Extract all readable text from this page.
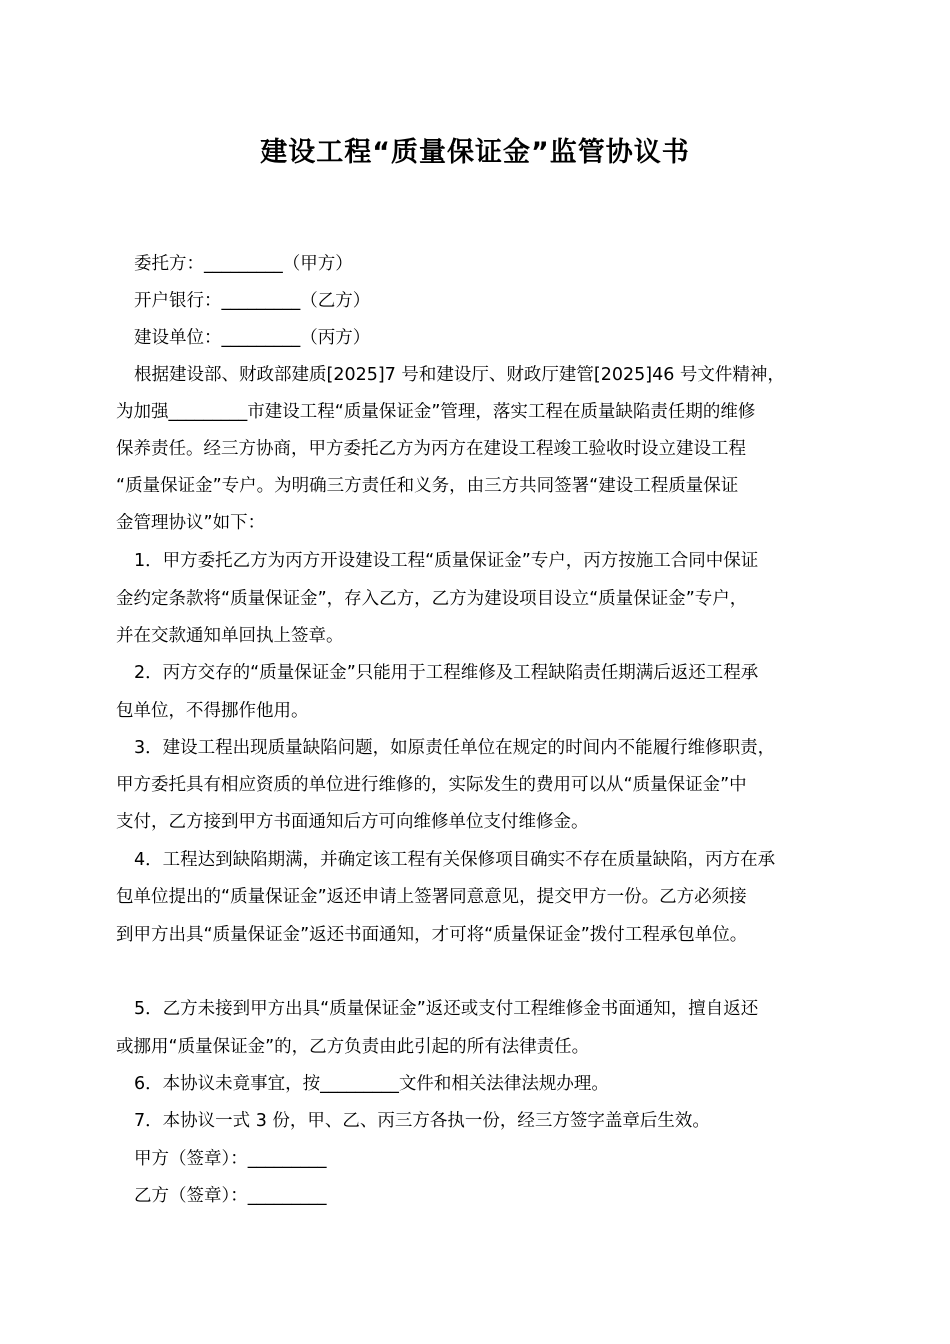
建设工程“质量保证金”监管协议书
委托方：_________（甲方）
开户银行：_________（乙方）
建设单位：_________（丙方）
根据建设部、财政部建质[2025]7 号和建设厅、财政厅建管[2025]46 号文件精神，
为加强_________市建设工程“质量保证金”管理，落实工程在质量缺陷责任期的维修
保养责任。经三方协商，甲方委托乙方为丙方在建设工程竣工验收时设立建设工程
“质量保证金”专户。为明确三方责任和义务，由三方共同签署“建设工程质量保证
金管理协议”如下：
1．甲方委托乙方为丙方开设建设工程“质量保证金”专户，丙方按施工合同中保证
金约定条款将“质量保证金”，存入乙方，乙方为建设项目设立“质量保证金”专户，
并在交款通知单回执上签章。
2．丙方交存的“质量保证金”只能用于工程维修及工程缺陷责任期满后返还工程承
包单位，不得挪作他用。
3．建设工程出现质量缺陷问题，如原责任单位在规定的时间内不能履行维修职责，
甲方委托具有相应资质的单位进行维修的，实际发生的费用可以从“质量保证金”中
支付，乙方接到甲方书面通知后方可向维修单位支付维修金。
4．工程达到缺陷期满，并确定该工程有关保修项目确实不存在质量缺陷，丙方在承
包单位提出的“质量保证金”返还申请上签署同意意见，提交甲方一份。乙方必须接
到甲方出具“质量保证金”返还书面通知，才可将“质量保证金”拨付工程承包单位。
5．乙方未接到甲方出具“质量保证金”返还或支付工程维修金书面通知，擅自返还
或挪用“质量保证金”的，乙方负责由此引起的所有法律责任。
6．本协议未竟事宜，按_________文件和相关法律法规办理。
7．本协议一式 3 份，甲、乙、丙三方各执一份，经三方签字盖章后生效。
甲方（签章）：_________
乙方（签章）：_________
